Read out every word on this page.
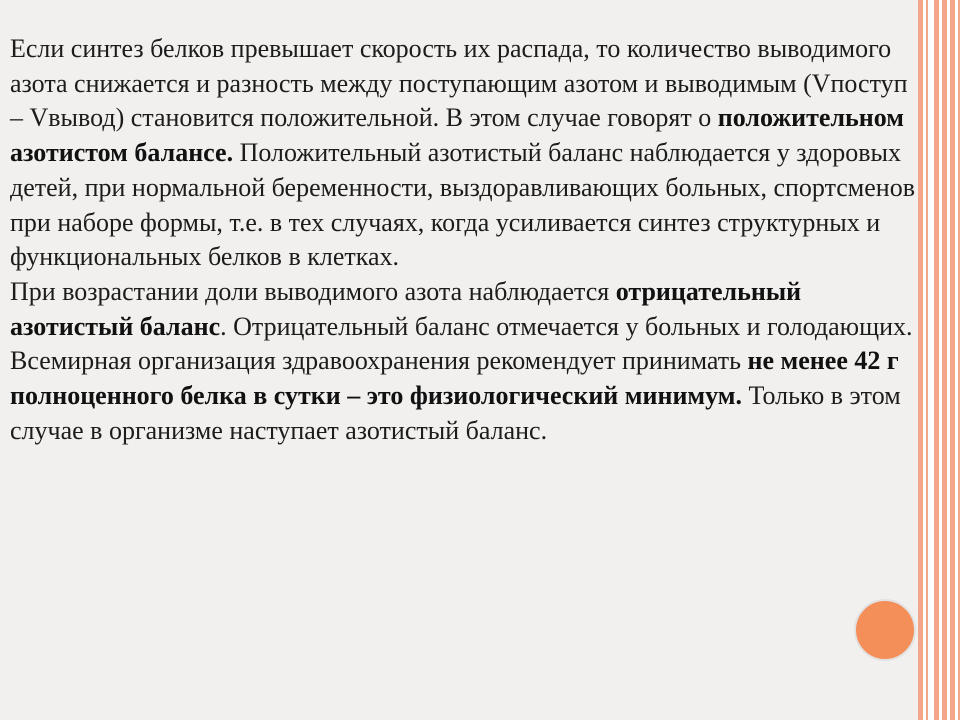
Если синтез белков превышает скорость их распада, то количество выводимого азота снижается и разность между поступающим азотом и выводимым (Vпоступ – Vвывод) становится положительной. В этом случае говорят о положительном азотистом балансе. Положительный азотистый баланс наблюдается у здоровых детей, при нормальной беременности, выздоравливающих больных, спортсменов при наборе формы, т.е. в тех случаях, когда усиливается синтез структурных и функциональных белков в клетках.

При возрастании доли выводимого азота наблюдается отрицательный азотистый баланс. Отрицательный баланс отмечается у больных и голодающих.

Всемирная организация здравоохранения рекомендует принимать не менее 42 г полноценного белка в сутки – это физиологический минимум. Только в этом случае в организме наступает азотистый баланс.
